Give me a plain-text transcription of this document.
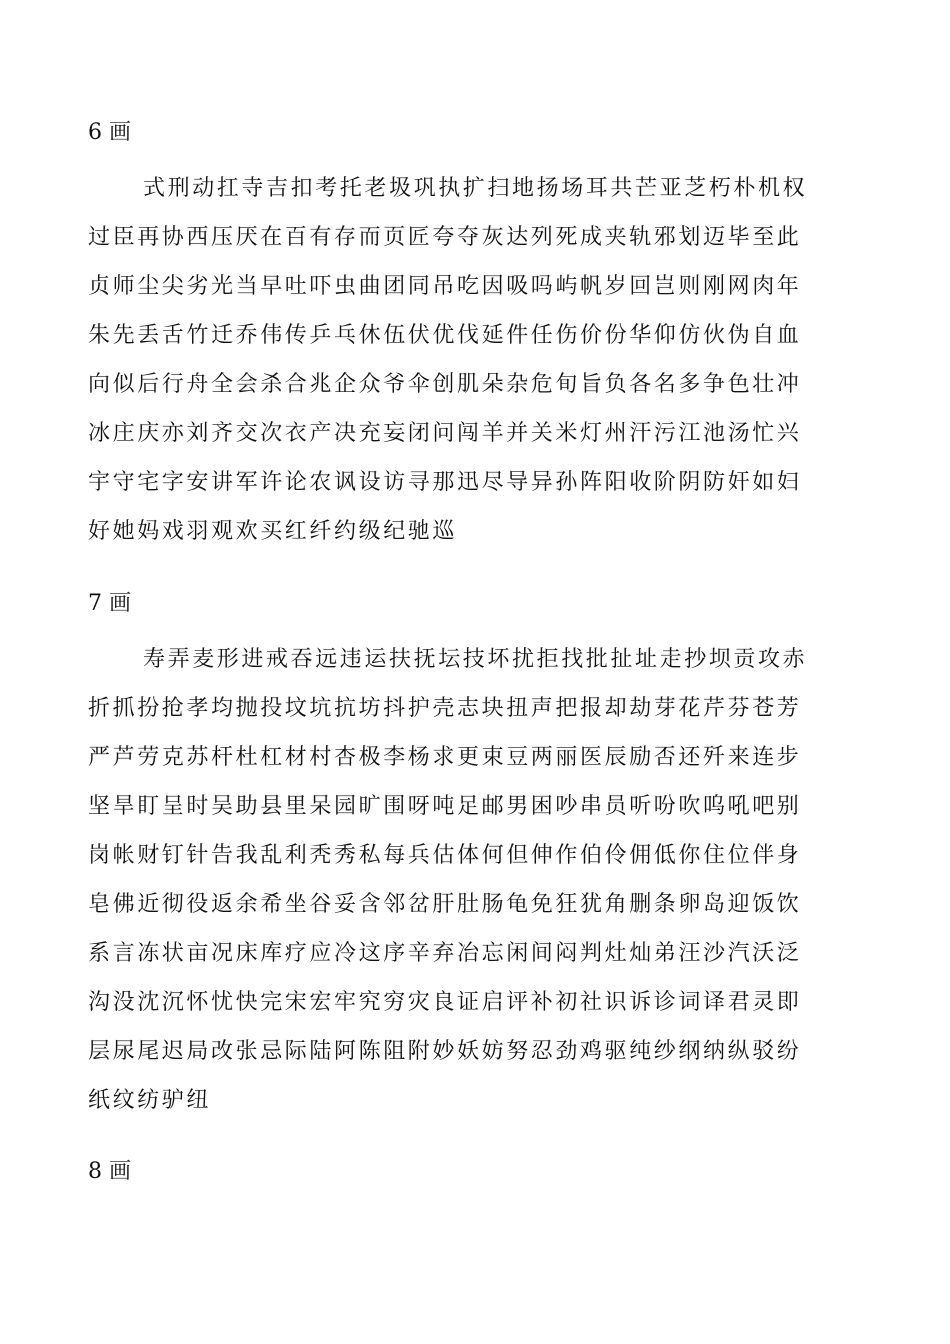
6 画
式刑动扛寺吉扣考托老圾巩执扩扫地扬场耳共芒亚芝朽朴机权
过臣再协西压厌在百有存而页匠夸夺灰达列死成夹轨邪划迈毕至此
贞师尘尖劣光当早吐吓虫曲团同吊吃因吸吗屿帆岁回岂则刚网肉年
朱先丢舌竹迁乔伟传乒乓休伍伏优伐延件任伤价份华仰仿伙伪自血
向似后行舟全会杀合兆企众爷伞创肌朵杂危旬旨负各名多争色壮冲
冰庄庆亦刘齐交次衣产决充妄闭问闯羊并关米灯州汗污江池汤忙兴
宇守宅字安讲军许论农讽设访寻那迅尽导异孙阵阳收阶阴防奸如妇
好她妈戏羽观欢买红纤约级纪驰巡
7 画
寿弄麦形进戒吞远违运扶抚坛技坏扰拒找批扯址走抄坝贡攻赤
折抓扮抢孝均抛投坟坑抗坊抖护壳志块扭声把报却劫芽花芹芬苍芳
严芦劳克苏杆杜杠材村杏极李杨求更束豆两丽医辰励否还歼来连步
坚旱盯呈时吴助县里呆园旷围呀吨足邮男困吵串员听吩吹呜吼吧别
岗帐财钉针告我乱利秃秀私每兵估体何但伸作伯伶佣低你住位伴身
皂佛近彻役返余希坐谷妥含邻岔肝肚肠龟免狂犹角删条卵岛迎饭饮
系言冻状亩况床库疗应冷这序辛弃冶忘闲间闷判灶灿弟汪沙汽沃泛
沟没沈沉怀忧快完宋宏牢究穷灾良证启评补初社识诉诊词译君灵即
层尿尾迟局改张忌际陆阿陈阻附妙妖妨努忍劲鸡驱纯纱纲纳纵驳纷
纸纹纺驴纽
8 画
